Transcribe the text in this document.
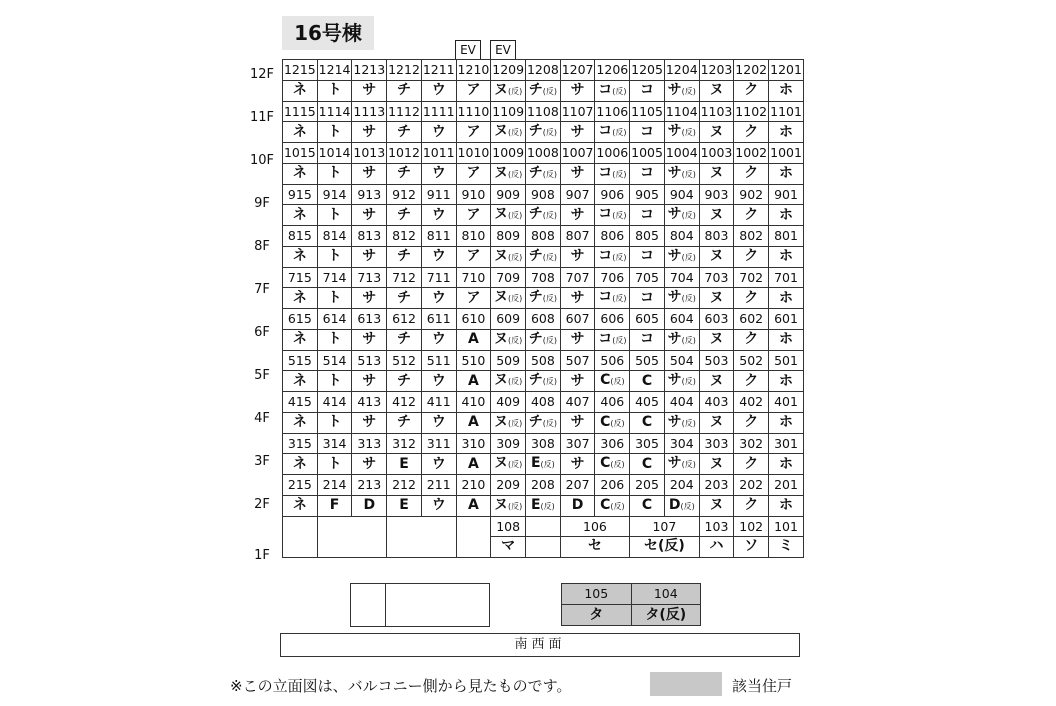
16号棟
EV	EV
12F
11F
10F
9F
8F
7F
6F
5F
4F
3F
2F
1F
1215	1214	1213	1212	1211	1210	1209	1208	1207	1206	1205	1204	1203	1202	1201
ネ	ト	サ	チ	ウ	ア	ヌ(反)	チ(反)	サ	コ(反)	コ	サ(反)	ヌ	ク	ホ
1115	1114	1113	1112	1111	1110	1109	1108	1107	1106	1105	1104	1103	1102	1101
ネ	ト	サ	チ	ウ	ア	ヌ(反)	チ(反)	サ	コ(反)	コ	サ(反)	ヌ	ク	ホ
1015	1014	1013	1012	1011	1010	1009	1008	1007	1006	1005	1004	1003	1002	1001
ネ	ト	サ	チ	ウ	ア	ヌ(反)	チ(反)	サ	コ(反)	コ	サ(反)	ヌ	ク	ホ
915	914	913	912	911	910	909	908	907	906	905	904	903	902	901
ネ	ト	サ	チ	ウ	ア	ヌ(反)	チ(反)	サ	コ(反)	コ	サ(反)	ヌ	ク	ホ
815	814	813	812	811	810	809	808	807	806	805	804	803	802	801
ネ	ト	サ	チ	ウ	ア	ヌ(反)	チ(反)	サ	コ(反)	コ	サ(反)	ヌ	ク	ホ
715	714	713	712	711	710	709	708	707	706	705	704	703	702	701
ネ	ト	サ	チ	ウ	ア	ヌ(反)	チ(反)	サ	コ(反)	コ	サ(反)	ヌ	ク	ホ
615	614	613	612	611	610	609	608	607	606	605	604	603	602	601
ネ	ト	サ	チ	ウ	A	ヌ(反)	チ(反)	サ	コ(反)	コ	サ(反)	ヌ	ク	ホ
515	514	513	512	511	510	509	508	507	506	505	504	503	502	501
ネ	ト	サ	チ	ウ	A	ヌ(反)	チ(反)	サ	C(反)	C	サ(反)	ヌ	ク	ホ
415	414	413	412	411	410	409	408	407	406	405	404	403	402	401
ネ	ト	サ	チ	ウ	A	ヌ(反)	チ(反)	サ	C(反)	C	サ(反)	ヌ	ク	ホ
315	314	313	312	311	310	309	308	307	306	305	304	303	302	301
ネ	ト	サ	E	ウ	A	ヌ(反)	E(反)	サ	C(反)	C	サ(反)	ヌ	ク	ホ
215	214	213	212	211	210	209	208	207	206	205	204	203	202	201
ネ	F	D	E	ウ	A	ヌ(反)	E(反)	D	C(反)	C	D(反)	ヌ	ク	ホ
						108		106		107		103	102	101
						マ		セ		セ(反)		ハ	ソ	ミ

105	104
タ	タ(反)
南西面
※この立面図は、バルコニー側から見たものです。	該当住戸
